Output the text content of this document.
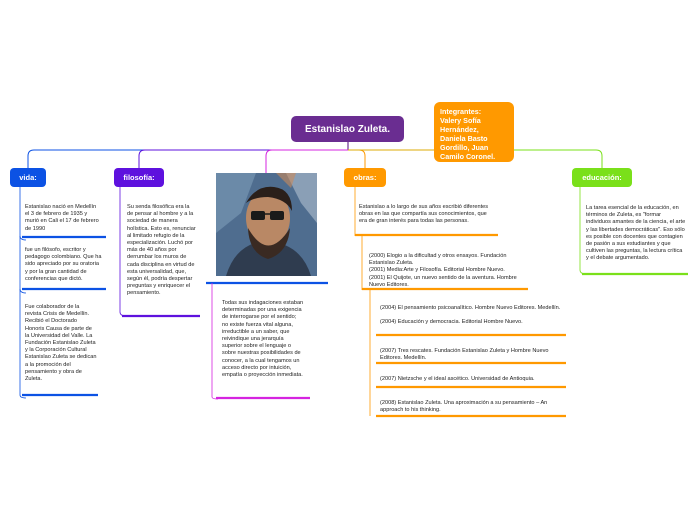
Estanislao Zuleta.
Integrantes:
Valery Sofía Hernández,
Daniela Basto Gordillo, Juan Camilo Coronel.
vida:	filosofía:	obras:	educación:
Estanislao nació en Medellín el 3 de febrero de 1935 y murió en Cali el 17 de febrero de 1990
fue un filósofo, escritor y pedagogo colombiano. Que ha sido apreciado por su oratoria y por la gran cantidad de conferencias que dictó.
Fue colaborador de la revista Crisis de Medellín. Recibió el Doctorado Honoris Causa de parte de la Universidad del Valle. La Fundación Estanislao Zuleta y la Corporación Cultural Estanislao Zuleta se dedican a la promoción del pensamiento y obra de Zuleta.
Su senda filosófica era la de pensar al hombre y a la sociedad de manera holística. Esto es, renunciar al limitado refugio de la especialización. Luchó por más de 40 años por derrumbar los muros de cada disciplina en virtud de esta universalidad, que, según él, podría despertar preguntas y enriquecer el pensamiento.
Todas sus indagaciones estaban determinadas por una exigencia de interrogarse por el sentido; no existe fuerza vital alguna, irreductible a un saber, que reivindique una jerarquía superior sobre el lenguaje o sobre nuestras posibilidades de conocer, a la cual tengamos un acceso directo por intuición, empatía o proyección inmediata.
Estanislao a lo largo de sus años escribió diferentes obras en las que compartía sus conocimientos, que era de gran interés para todas las personas.
(2000) Elogio a la dificultad y otros ensayos. Fundación Estanislao Zuleta.
(2001) Media:Arte y Filosofía. Editorial Hombre Nuevo.
(2001) El Quijote, un nuevo sentido de la aventura. Hombre Nuevo Editores.
(2004) El pensamiento psicoanalítico. Hombre Nuevo Editores. Medellín.

(2004) Educación y democracia. Editorial Hombre Nuevo.
(2007) Tres rescates. Fundación Estanislao Zuleta y Hombre Nuevo Editores. Medellín.
(2007) Nietzsche y el ideal ascético. Universidad de Antioquia.
(2008) Estanislao Zuleta. Una aproximación a su pensamiento – An approach to his thinking.
La tarea esencial de la educación, en términos de Zuleta, es "formar individuos amantes de la ciencia, el arte y las libertades democráticas". Eso sólo es posible con docentes que contagien de pasión a sus estudiantes y que cultiven las preguntas, la lectura crítica y el debate argumentado.
